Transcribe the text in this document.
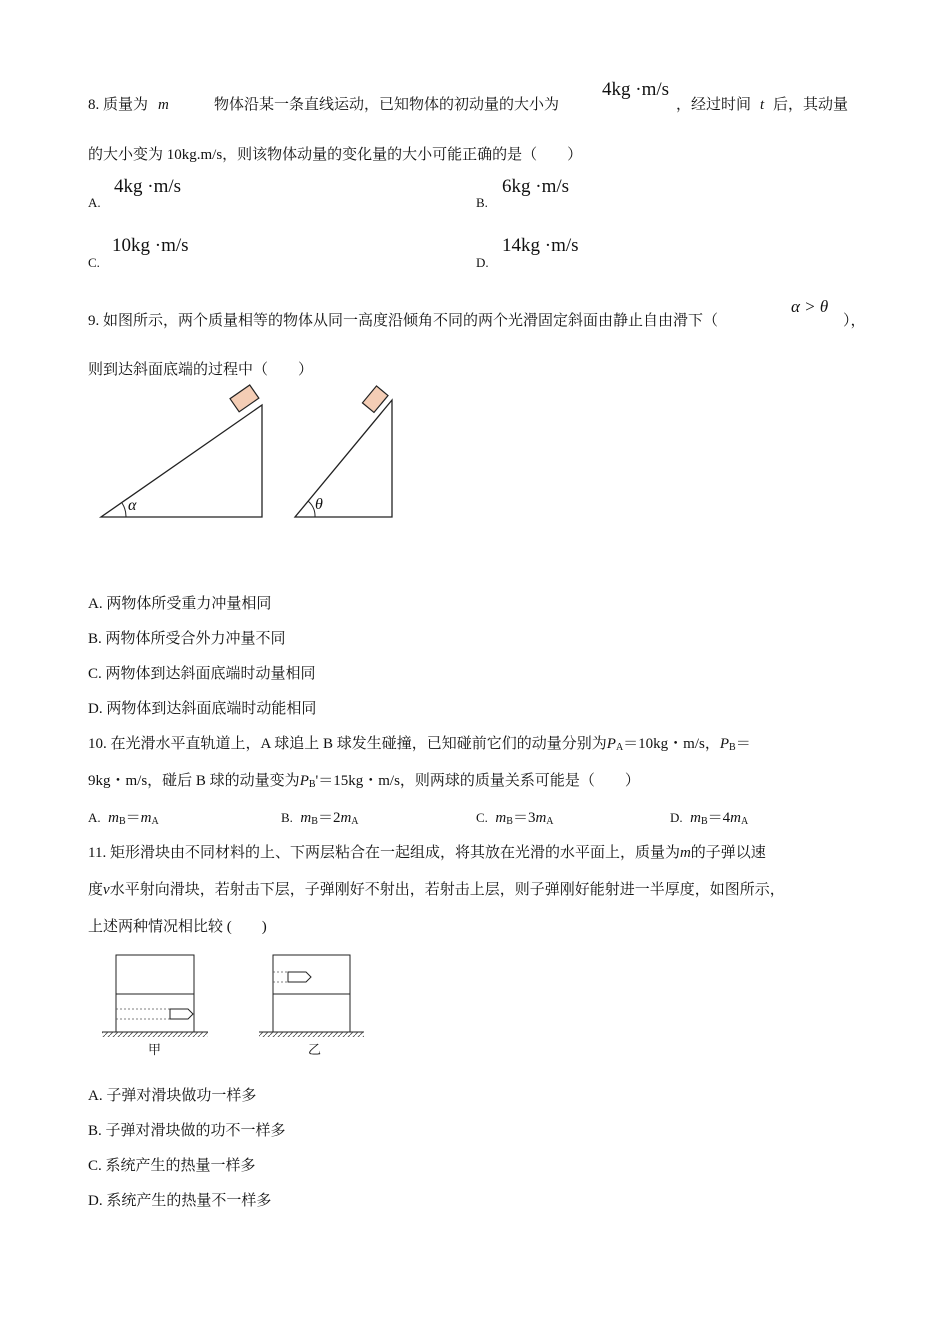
8. 质量为 m	物体沿某一条直线运动，已知物体的初动量的大小为
4kg ·m/s
，经过时间 t 后，其动量
的大小变为 10kg.m/s，则该物体动量的变化量的大小可能正确的是（　　）
A.
4kg ·m/s
B.
6kg ·m/s
C.
10kg ·m/s
D.
14kg ·m/s
9. 如图所示，两个质量相等的物体从同一高度沿倾角不同的两个光滑固定斜面由静止自由滑下（
α > θ
），
则到达斜面底端的过程中（　　）
α	θ
A. 两物体所受重力冲量相同
B. 两物体所受合外力冲量不同
C. 两物体到达斜面底端时动量相同
D. 两物体到达斜面底端时动能相同
10. 在光滑水平直轨道上，A 球追上 B 球发生碰撞，已知碰前它们的动量分别为$P_A=10kg$・m/s，$P_B=$
9kg・m/s，碰后 B 球的动量变为$P_B'=15kg$・m/s，则两球的质量关系可能是（　　）
A. $m_B=m_A$	B. $m_B=2m_A$	C. $m_B=3m_A$	D. $m_B=4m_A$
11. 矩形滑块由不同材料的上、下两层粘合在一起组成，将其放在光滑的水平面上，质量为m的子弹以速
度v水平射向滑块，若射击下层，子弹刚好不射出，若射击上层，则子弹刚好能射进一半厚度，如图所示，
上述两种情况相比较 (　　)
甲	乙
A. 子弹对滑块做功一样多
B. 子弹对滑块做的功不一样多
C. 系统产生的热量一样多
D. 系统产生的热量不一样多
